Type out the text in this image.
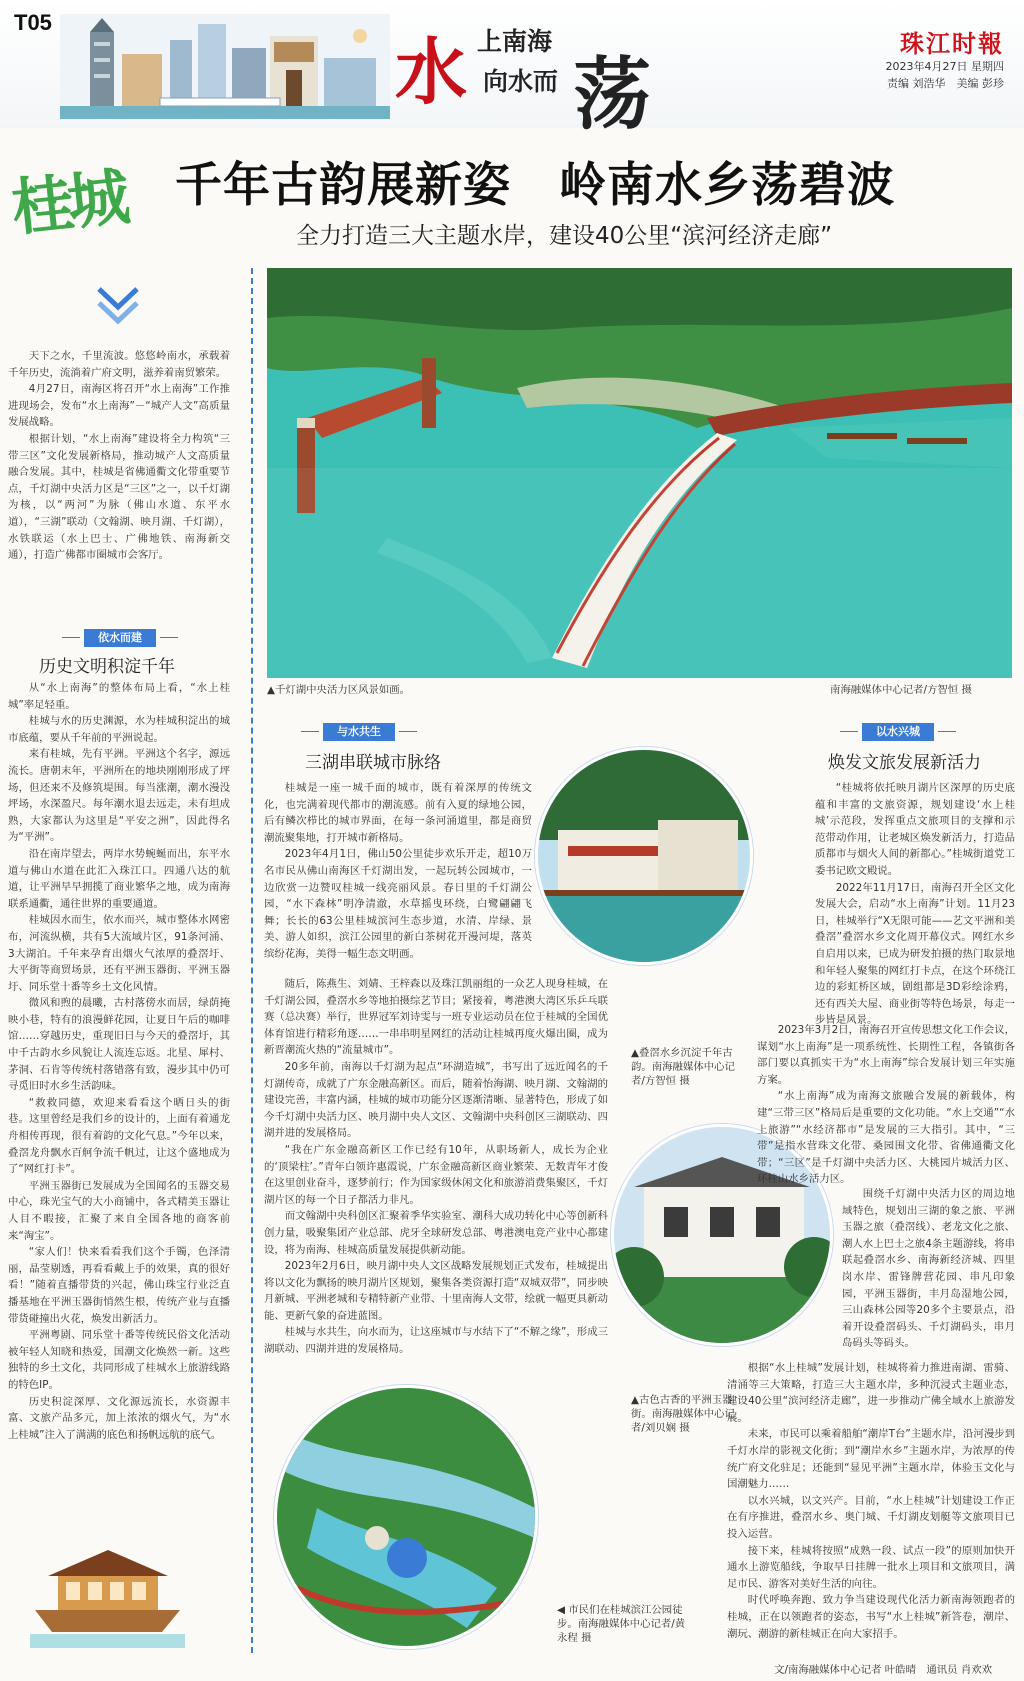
T05
水 上南海
向水而 荡
珠江时報
2023年4月27日 星期四
责编 刘浩华　美编 彭珍
桂城	千年古韵展新姿　岭南水乡荡碧波
全力打造三大主题水岸，建设40公里“滨河经济走廊”

天下之水，千里流波。悠悠岭南水，承载着千年历史，流淌着广府文明，滋养着南贸繁荣。

4月27日，南海区将召开“水上南海”工作推进现场会，发布“水上南海”－“城产人文”高质量发展战略。

根据计划，“水上南海”建设将全力构筑“三带三区”文化发展新格局，推动城产人文高质量融合发展。其中，桂城是省佛通衢文化带重要节点，千灯湖中央活力区是“三区”之一，以千灯湖为核，以“两河”为脉（佛山水道、东平水道），“三湖”联动（文翰湖、映月湖、千灯湖），水铁联运（水上巴士、广佛地铁、南海新交通），打造广佛都市圈城市会客厅。

依水而建
历史文明积淀千年

从“水上南海”的整体布局上看，“水上桂城”率足轻重。

桂城与水的历史渊源，水为桂城积淀出的城市底蕴，要从千年前的平洲说起。

来有桂城，先有平洲。平洲这个名字，源远流长。唐朝末年，平洲所在的地块刚刚形成了坪场，但还来不及修筑堤围。每当涨潮，潮水漫没坪场，水深盈尺。每年潮水退去远走，未有坦成熟，大家都认为这里是“平安之洲”，因此得名为“平洲”。

沿在南岸望去，两岸水势蜿蜒而出，东平水道与佛山水道在此汇入珠江口。四通八达的航道，让平洲早早拥揽了商业繁华之地，成为南海联系通衢，通往世界的重要通道。

桂城因水而生，依水而兴，城市整体水网密布，河流纵横，共有5大流域片区，91条河涌、3大湖泊。千年来孕育出烟火气浓厚的叠滘圩、大平街等商贸场景，还有平洲玉器街、平洲玉器圩、同乐堂十番等乡土文化风情。

微风和煦的晨曦，古村落傍水而居，绿荫掩映小巷，特有的浪漫鲜花园，让夏日午后的咖啡馆……穿越历史，重现旧日与今天的叠滘圩，其中千古韵水乡风貌让人流连忘返。北星、犀村、茅洞、石肯等传统村落错落有致，漫步其中仍可寻觅旧时水乡生活韵味。

“救救同德，欢迎来看看这个晒日头的街巷。这里曾经是我们乡的设计的，上面有着通龙舟相传再现，很有着韵的文化气息。”今年以来，叠滘龙舟飘水百舸争流千帆过，让这个盛地成为了“网红打卡”。

平洲玉器街已发展成为全国闻名的玉器交易中心，珠光宝气的大小商铺中，各式精美玉器让人目不暇接，汇聚了来自全国各地的商客前来“淘宝”。

“家人们！快来看看我们这个手镯，色泽清丽，晶莹剔透，再看看戴上手的效果，真的很好看！”随着直播带货的兴起，佛山珠宝行业泛直播基地在平洲玉器街悄然生根，传统产业与直播带货碰撞出火花，焕发出新活力。

平洲粤剧、同乐堂十番等传统民俗文化活动被年轻人知晓和热爱，国潮文化焕然一新。这些独特的乡土文化，共同形成了桂城水上旅游线路的特色IP。

历史积淀深厚、文化源远流长，水资源丰富、文旅产品多元，加上浓浓的烟火气，为“水上桂城”注入了满满的底色和扬帆远航的底气。

▲千灯湖中央活力区风景如画。	南海融媒体中心记者/方智恒 摄
与水共生
三湖串联城市脉络

桂城是一座一城千面的城市，既有着深厚的传统文化，也完满着现代都市的潮流感。前有入夏的绿地公园，后有鳞次栉比的城市界面，在每一条河涌道里，都是商贸潮流聚集地，打开城市新格局。

2023年4月1日，佛山50公里徒步欢乐开走，超10万名市民从佛山南海区千灯湖出发，一起玩转公园城市，一边欣赏一边赞叹桂城一线亮丽风景。春日里的千灯湖公园，“水下森林”明净清澈，水草摇曳环绕，白鹭翩翩飞舞；长长的63公里桂城滨河生态步道，水清、岸绿、景美、游人如织，滨江公园里的新白茶树花开漫河堤，落英缤纷花海，美得一幅生态文明画。

随后，陈燕生、刘婧、王梓森以及珠江凯丽组的一众艺人现身桂城，在千灯湖公园，叠滘水乡等地拍摄综艺节目；紧接着，粤港澳大湾区乐乒乓联赛（总决赛）举行，世界冠军刘诗雯与一班专业运动员在位于桂城的全国优体育馆进行精彩角逐……一串串明星网红的活动让桂城再度火爆出圈，成为新晋潮流火热的“流量城市”。

20多年前，南海以千灯湖为起点“环湖造城”，书写出了远近闻名的千灯湖传奇，成就了广东金融高新区。而后，随着怡海湖、映月湖、文翰湖的建设完善，丰富内涵，桂城的城市功能分区逐渐清晰、显著特色，形成了如今千灯湖中央活力区、映月湖中央人文区、文翰湖中央科创区三湖联动、四湖并进的发展格局。

“我在广东金融高新区工作已经有10年，从职场新人，成长为企业的‘顶梁柱’。”青年白领许惠霞说，广东金融高新区商业繁荣、无数青年才俊在这里创业奋斗，逐梦前行；作为国家级休闲文化和旅游消费集聚区，千灯湖片区的每一个日子都活力非凡。

而文翰湖中央科创区汇聚着季华实验室、潮科大成功转化中心等创新科创力量，吸聚集团产业总部、虎牙全球研发总部、粤港澳电竞产业中心都建设，将为南海、桂城高质量发展提供新动能。

2023年2月6日，映月湖中央人文区战略发展规划正式发布，桂城提出将以文化为飘扬的映月湖片区规划，聚集各类资源打造“双城双带”，同步映月新城、平洲老城和专精特新产业带、十里南海人文带，绘就一幅更具新动能、更新气象的奋进蓝图。

桂城与水共生，向水而为，让这座城市与水结下了“不解之缘”，形成三湖联动、四湖并进的发展格局。

▲叠滘水乡沉淀千年古韵。南海融媒体中心记者/方智恒 摄
▲古色古香的平洲玉器街。南海融媒体中心记者/刘贝娴 摄
◀ 市民们在桂城滨江公园徒步。南海融媒体中心记者/黄永程 摄
以水兴城
焕发文旅发展新活力

“桂城将依托映月湖片区深厚的历史底蕴和丰富的文旅资源，规划建设‘水上桂城’示范段，发挥重点文旅项目的支撑和示范带动作用，让老城区焕发新活力，打造品质都市与烟火人间的新都心。”桂城街道党工委书记欧文殿说。

2022年11月17日，南海召开全区文化发展大会，启动“水上南海”计划。11月23日，桂城举行“X无限可能——艺文平洲和美叠滘”叠滘水乡文化周开幕仪式。网红水乡自启用以来，已成为研发拍摄的热门取景地和年轻人聚集的网红打卡点，在这个环绕江边的彩虹桥区域，剧组都是3D彩绘涂鸦，还有西关大屋、商业街等特色场景，每走一步皆是风景。

2023年3月2日，南海召开宣传思想文化工作会议，谋划“水上南海”是一项系统性、长期性工程，各镇街各部门要以真抓实干为“水上南海”综合发展计划三年实施方案。

“水上南海”成为南海文旅融合发展的新载体，构建“三带三区”格局后是重要的文化功能。“水上交通”“水上旅游”“水经济都市”是发展的三大指引。其中，“三带”是指水营珠文化带、桑园围文化带、省佛通衢文化带；“三区”是千灯湖中央活力区、大桃园片城活力区、环桂山水乡活力区。

围绕千灯湖中央活力区的周边地域特色，规划出三湖的象之旅、平洲玉器之旅（叠滘线）、老龙文化之旅、潮人水上巴士之旅4条主题游线，将串联起叠滘水乡、南海新经济城、四里岗水岸、雷锋牌营花园、串凡印象园，平洲玉器街，丰月岛湿地公园，三山森林公园等20多个主要景点，沿着开设叠滘码头、千灯湖码头，串月岛码头等码头。

根据“水上桂城”发展计划，桂城将着力推进南湖、雷骑、清涌等三大策略，打造三大主题水岸，多种沉浸式主题业态，建设40公里“滨河经济走廊”，进一步推动广佛全域水上旅游发展。

未来，市民可以乘着船舶“潮岸T台”主题水岸，沿河漫步到千灯水岸的影视文化街；到“潮岸水乡”主题水岸，为浓厚的传统广府文化驻足；还能到“显见平洲”主题水岸，体验玉文化与国潮魅力……

以水兴城，以文兴产。目前，“水上桂城”计划建设工作正在有序推进，叠滘水乡、奥门城、千灯湖皮划艇等文旅项目已投入运营。

接下来，桂城将按照“成熟一段、试点一段”的原则加快开通水上游览船线，争取早日挂牌一批水上项目和文旅项目，满足市民、游客对美好生活的向往。

时代呼唤奔跑、致力争当建设现代化活力新南海领跑者的桂城，正在以领跑者的姿态，书写“水上桂城”新答卷，潮岸、潮玩、潮游的新桂城正在向大家招手。

文/南海融媒体中心记者 叶皓晴　通讯员 肖欢欢
